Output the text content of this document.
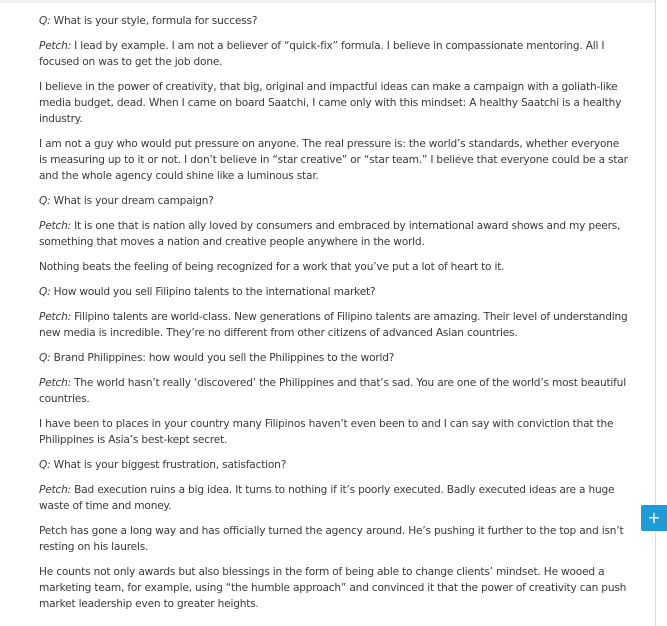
Q: What is your style, formula for success?

Petch: I lead by example. I am not a believer of “quick-fix” formula. I believe in compassionate mentoring. All I focused on was to get the job done.

I believe in the power of creativity, that big, original and impactful ideas can make a campaign with a goliath-like media budget, dead. When I came on board Saatchi, I came only with this mindset: A healthy Saatchi is a healthy industry.

I am not a guy who would put pressure on anyone. The real pressure is: the world’s standards, whether everyone is measuring up to it or not. I don’t believe in “star creative” or “star team.” I believe that everyone could be a star and the whole agency could shine like a luminous star.

Q: What is your dream campaign?

Petch: It is one that is nation ally loved by consumers and embraced by international award shows and my peers, something that moves a nation and creative people anywhere in the world.

Nothing beats the feeling of being recognized for a work that you’ve put a lot of heart to it.

Q: How would you sell Filipino talents to the international market?

Petch: Filipino talents are world-class. New generations of Filipino talents are amazing. Their level of understanding new media is incredible. They’re no different from other citizens of advanced Asian countries.

Q: Brand Philippines: how would you sell the Philippines to the world?

Petch: The world hasn’t really ‘discovered’ the Philippines and that’s sad. You are one of the world’s most beautiful countries.

I have been to places in your country many Filipinos haven’t even been to and I can say with conviction that the Philippines is Asia’s best-kept secret.

Q: What is your biggest frustration, satisfaction?

Petch: Bad execution ruins a big idea. It turns to nothing if it’s poorly executed. Badly executed ideas are a huge waste of time and money.

Petch has gone a long way and has officially turned the agency around. He’s pushing it further to the top and isn’t resting on his laurels.

He counts not only awards but also blessings in the form of being able to change clients’ mindset. He wooed a marketing team, for example, using “the humble approach” and convinced it that the power of creativity can push market leadership even to greater heights.

+
